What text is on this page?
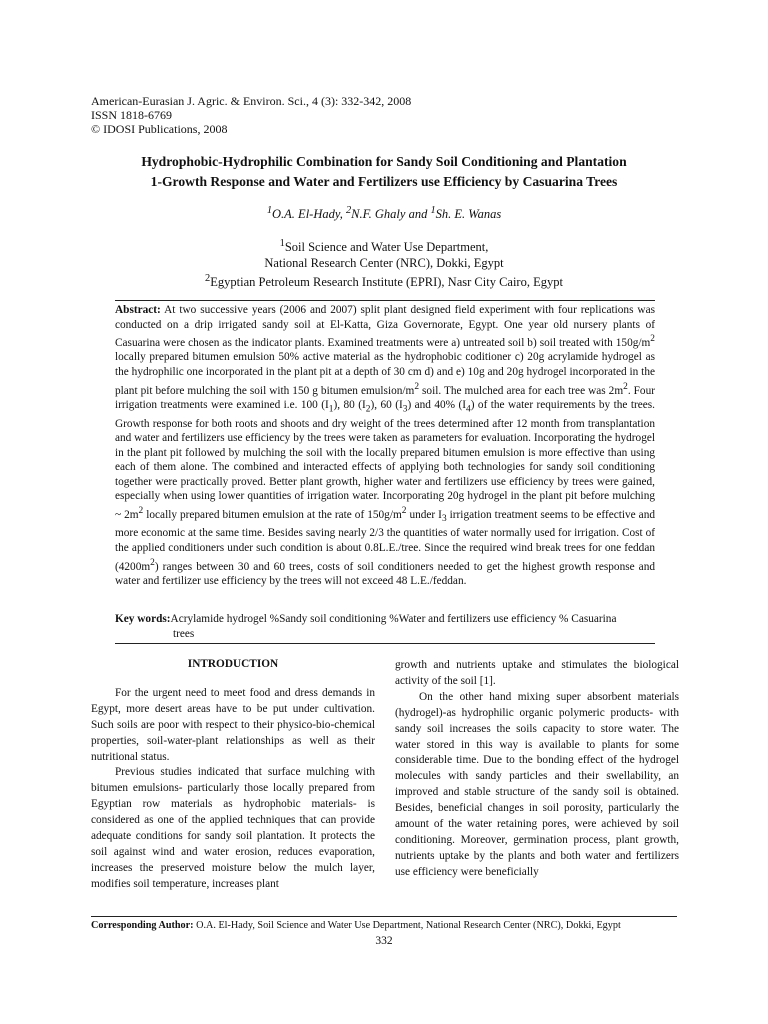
American-Eurasian J. Agric. & Environ. Sci., 4 (3): 332-342, 2008
ISSN 1818-6769
© IDOSI Publications, 2008
Hydrophobic-Hydrophilic Combination for Sandy Soil Conditioning and Plantation
1-Growth Response and Water and Fertilizers use Efficiency by Casuarina Trees
$^1$O.A. El-Hady, $^2$N.F. Ghaly and $^1$Sh. E. Wanas
$^1$Soil Science and Water Use Department,
National Research Center (NRC), Dokki, Egypt
$^2$Egyptian Petroleum Research Institute (EPRI), Nasr City Cairo, Egypt
Abstract: At two successive years (2006 and 2007) split plant designed field experiment with four replications was conducted on a drip irrigated sandy soil at El-Katta, Giza Governorate, Egypt. One year old nursery plants of Casuarina were chosen as the indicator plants. Examined treatments were a) untreated soil b) soil treated with $150g/m^2$ locally prepared bitumen emulsion 50% active material as the hydrophobic coditioner c) 20g acrylamide hydrogel as the hydrophilic one incorporated in the plant pit at a depth of 30 cm d) and e) 10g and 20g hydrogel incorporated in the plant pit before mulching the soil with 150 g bitumen emulsion/$m^2$ soil. The mulched area for each tree was $2m^2$. Four irrigation treatments were examined i.e. 100 $(I_1)$, 80 $(I_2)$, 60 $(I_3)$ and 40% $(I_4)$ of the water requirements by the trees. Growth response for both roots and shoots and dry weight of the trees determined after 12 month from transplantation and water and fertilizers use efficiency by the trees were taken as parameters for evaluation. Incorporating the hydrogel in the plant pit followed by mulching the soil with the locally prepared bitumen emulsion is more effective than using each of them alone. The combined and interacted effects of applying both technologies for sandy soil conditioning together were practically proved. Better plant growth, higher water and fertilizers use efficiency by trees were gained, especially when using lower quantities of irrigation water. Incorporating 20g hydrogel in the plant pit before mulching ~ $2m^2$ locally prepared bitumen emulsion at the rate of $150g/m^2$ under $I_3$ irrigation treatment seems to be effective and more economic at the same time. Besides saving nearly 2/3 the quantities of water normally used for irrigation. Cost of the applied conditioners under such condition is about 0.8L.E./tree. Since the required wind break trees for one feddan $(4200m^2)$ ranges between 30 and 60 trees, costs of soil conditioners needed to get the highest growth response and water and fertilizer use efficiency by the trees will not exceed 48 L.E./feddan.
Key words:Acrylamide hydrogel %Sandy soil conditioning %Water and fertilizers use efficiency % Casuarina
trees
INTRODUCTION

For the urgent need to meet food and dress demands in Egypt, more desert areas have to be put under cultivation. Such soils are poor with respect to their physico-bio-chemical properties, soil-water-plant relationships as well as their nutritional status.

Previous studies indicated that surface mulching with bitumen emulsions- particularly those locally prepared from Egyptian row materials as hydrophobic materials- is considered as one of the applied techniques that can provide adequate conditions for sandy soil plantation. It protects the soil against wind and water erosion, reduces evaporation, increases the preserved moisture below the mulch layer, modifies soil temperature, increases plant

growth and nutrients uptake and stimulates the biological activity of the soil [1].

On the other hand mixing super absorbent materials (hydrogel)-as hydrophilic organic polymeric products- with sandy soil increases the soils capacity to store water. The water stored in this way is available to plants for some considerable time. Due to the bonding effect of the hydrogel molecules with sandy particles and their swellability, an improved and stable structure of the sandy soil is obtained. Besides, beneficial changes in soil porosity, particularly the amount of the water retaining pores, were achieved by soil conditioning. Moreover, germination process, plant growth, nutrients uptake by the plants and both water and fertilizers use efficiency were beneficially

Corresponding Author: O.A. El-Hady, Soil Science and Water Use Department, National Research Center (NRC), Dokki, Egypt
332
